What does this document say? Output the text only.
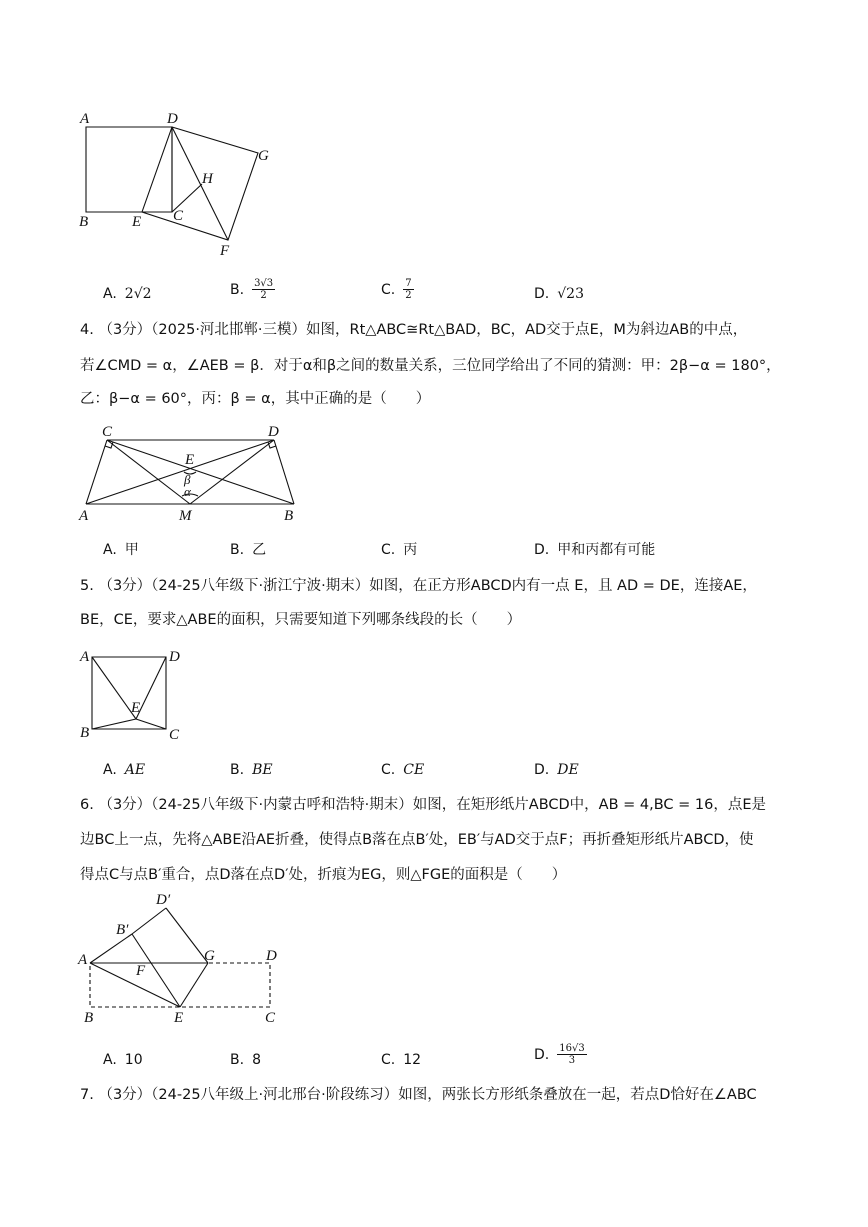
A	D
G
H
C
B	E
F
A. 2√2	B. $\frac{3√3}{2}$	C. $\frac{7}{2}$	D. √23
4. （3分）（2025·河北邯郸·三模）如图，Rt△ABC≅Rt△BAD，BC，AD交于点E，M为斜边AB的中点，
若∠CMD = α，∠AEB = β．对于α和β之间的数量关系，三位同学给出了不同的猜测：甲：2β−α = 180°，
乙：β−α = 60°，丙：β = α，其中正确的是（　　）
C	D
E
β
α
A	M	B
A. 甲	B. 乙	C. 丙	D. 甲和丙都有可能
5. （3分）（24-25八年级下·浙江宁波·期末）如图，在正方形ABCD内有一点 E，且 AD = DE，连接AE，
BE，CE，要求△ABE的面积，只需要知道下列哪条线段的长（　　）
A	D
E
B	C
A. AE	B. BE	C. CE	D. DE
6. （3分）（24-25八年级下·内蒙古呼和浩特·期末）如图，在矩形纸片ABCD中，AB = 4,BC = 16，点E是
边BC上一点，先将△ABE沿AE折叠，使得点B落在点B′处，EB′与AD交于点F；再折叠矩形纸片ABCD，使
得点C与点B′重合，点D落在点D′处，折痕为EG，则△FGE的面积是（　　）
D′
B′
A
F
G	D
B	E	C
A. 10	B. 8	C. 12	D. $\frac{16√3}{3}$
7. （3分）（24-25八年级上·河北邢台·阶段练习）如图，两张长方形纸条叠放在一起，若点D恰好在∠ABC
